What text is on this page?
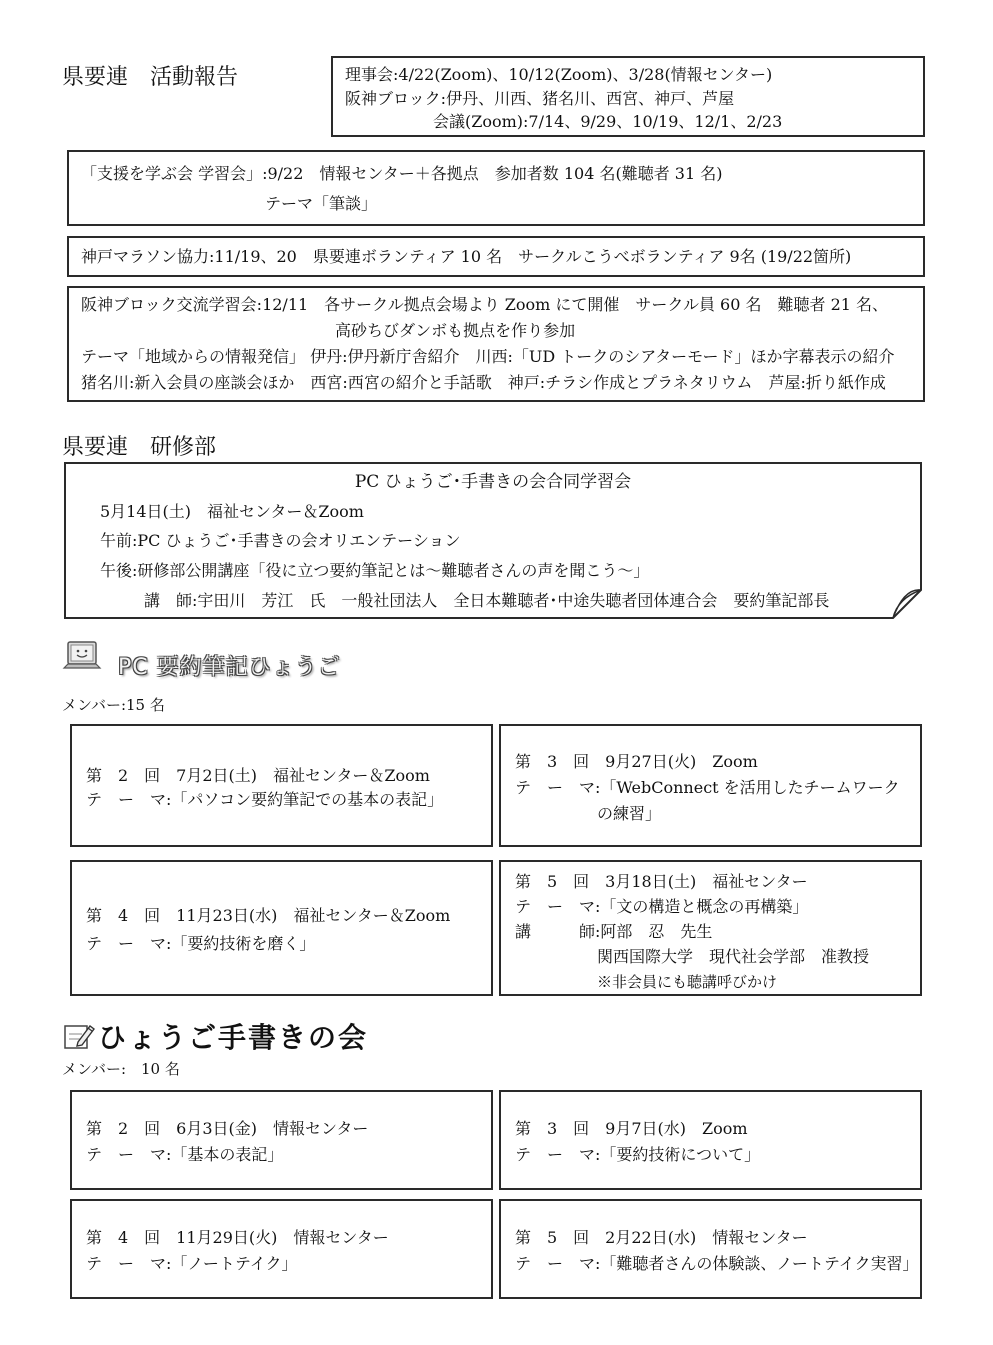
県要連　活動報告	理事会:4/22(Zoom)、10/12(Zoom)、3/28(情報センター)
阪神ブロック:伊丹、川西、猪名川、西宮、神戸、芦屋
会議(Zoom):7/14、9/29、10/19、12/1、2/23
「支援を学ぶ会 学習会」:9/22　情報センター＋各拠点　参加者数 104 名(難聴者 31 名)
テーマ「筆談」
神戸マラソン協力:11/19、20　県要連ボランティア 10 名　サークルこうべボランティア 9名 (19/22箇所)
阪神ブロック交流学習会:12/11　各サークル拠点会場より Zoom にて開催　サークル員 60 名　難聴者 21 名、
高砂ちびダンボも拠点を作り参加
テーマ「地域からの情報発信」 伊丹:伊丹新庁舎紹介　川西:「UD トークのシアターモード」ほか字幕表示の紹介
猪名川:新入会員の座談会ほか　西宮:西宮の紹介と手話歌　神戸:チラシ作成とプラネタリウム　芦屋:折り紙作成
県要連　研修部
PC ひょうご･手書きの会合同学習会
5月14日(土)　福祉センター＆Zoom
午前:PC ひょうご･手書きの会オリエンテーション
午後:研修部公開講座「役に立つ要約筆記とは～難聴者さんの声を聞こう～」
講　師:宇田川　芳江　氏　一般社団法人　全日本難聴者･中途失聴者団体連合会　要約筆記部長
PC 要約筆記ひょうご
メンバー:15 名
第　2　回　7月2日(土)　福祉センター＆Zoom
テ　ー　マ:「パソコン要約筆記での基本の表記」
第　3　回　9月27日(火)　Zoom
テ　ー　マ:「WebConnect を活用したチームワーク
の練習」
第　4　回　11月23日(水)　福祉センター＆Zoom
テ　ー　マ:「要約技術を磨く」
第　5　回　3月18日(土)　福祉センター
テ　ー　マ:「文の構造と概念の再構築」
講　　　師:阿部　忍　先生
関西国際大学　現代社会学部　准教授
※非会員にも聴講呼びかけ
ひょうご手書きの会
メンバー:　10 名
第　2　回　6月3日(金)　情報センター
テ　ー　マ:「基本の表記」
第　3　回　9月7日(水)　Zoom
テ　ー　マ:「要約技術について」
第　4　回　11月29日(火)　情報センター
テ　ー　マ:「ノートテイク」
第　5　回　2月22日(水)　情報センター
テ　ー　マ:「難聴者さんの体験談、ノートテイク実習」
